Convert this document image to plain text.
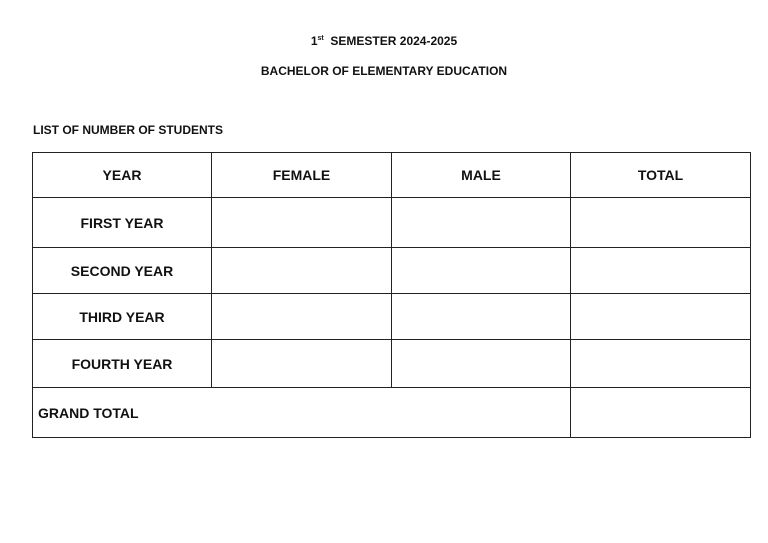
1st SEMESTER 2024-2025
BACHELOR OF ELEMENTARY EDUCATION
LIST OF NUMBER OF STUDENTS
YEAR	FEMALE	MALE	TOTAL
FIRST YEAR			
SECOND YEAR			
THIRD YEAR			
FOURTH YEAR			
GRAND TOTAL			
